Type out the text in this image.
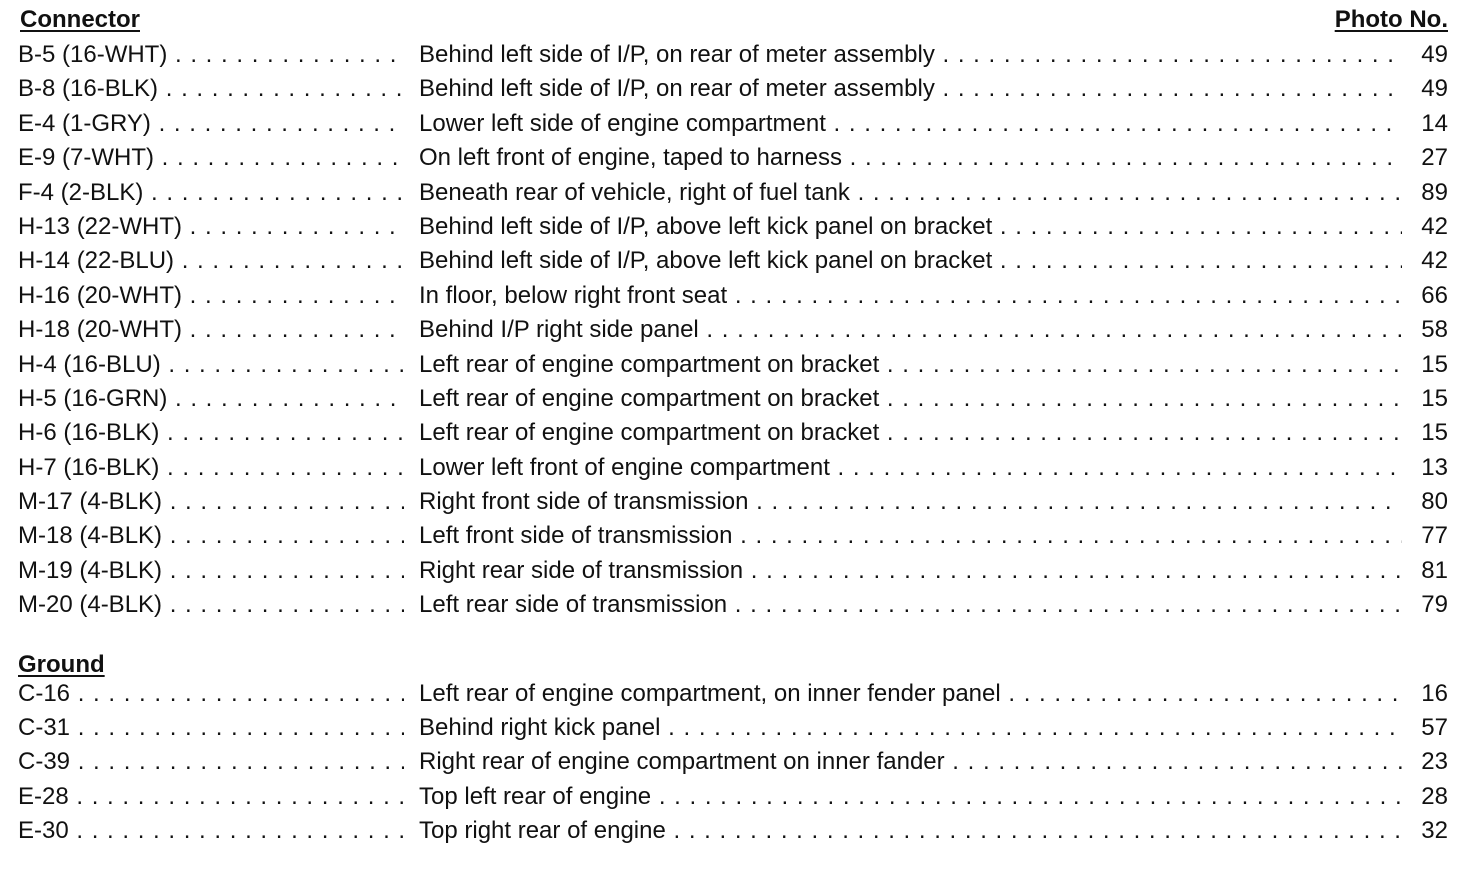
Connector	Photo No.
B-5 (16-WHT) . . .	Behind left side of I/P, on rear of meter assembly . . .	49
B-8 (16-BLK) . . .	Behind left side of I/P, on rear of meter assembly . . .	49
E-4 (1-GRY) . . .	Lower left side of engine compartment . . .	14
E-9 (7-WHT) . . .	On left front of engine, taped to harness . . .	27
F-4 (2-BLK) . . .	Beneath rear of vehicle, right of fuel tank . . .	89
H-13 (22-WHT) . . .	Behind left side of I/P, above left kick panel on bracket . . .	42
H-14 (22-BLU) . . .	Behind left side of I/P, above left kick panel on bracket . . .	42
H-16 (20-WHT) . . .	In floor, below right front seat . . .	66
H-18 (20-WHT) . . .	Behind I/P right side panel . . .	58
H-4 (16-BLU) . . .	Left rear of engine compartment on bracket . . .	15
H-5 (16-GRN) . . .	Left rear of engine compartment on bracket . . .	15
H-6 (16-BLK) . . .	Left rear of engine compartment on bracket . . .	15
H-7 (16-BLK) . . .	Lower left front of engine compartment . . .	13
M-17 (4-BLK) . . .	Right front side of transmission . . .	80
M-18 (4-BLK) . . .	Left front side of transmission . . .	77
M-19 (4-BLK) . . .	Right rear side of transmission . . .	81
M-20 (4-BLK) . . .	Left rear side of transmission . . .	79
Ground
C-16 . . .	Left rear of engine compartment, on inner fender panel . . .	16
C-31 . . .	Behind right kick panel . . .	57
C-39 . . .	Right rear of engine compartment on inner fander . . .	23
E-28 . . .	Top left rear of engine . . .	28
E-30 . . .	Top right rear of engine . . .	32
